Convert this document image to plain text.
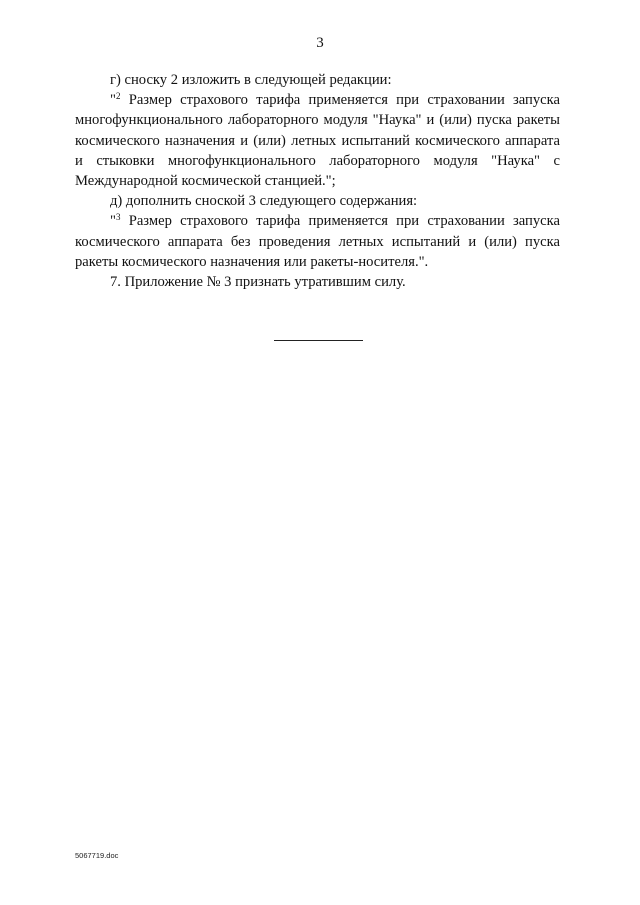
3

г) сноску 2 изложить в следующей редакции:

"$^2$ Размер страхового тарифа применяется при страховании запуска многофункционального лабораторного модуля "Наука" и (или) пуска ракеты космического назначения и (или) летных испытаний космического аппарата и стыковки многофункционального лабораторного модуля "Наука" с Международной космической станцией.";

д) дополнить сноской 3 следующего содержания:

"$^3$ Размер страхового тарифа применяется при страховании запуска космического аппарата без проведения летных испытаний и (или) пуска ракеты космического назначения или ракеты-носителя.".

7. Приложение № 3 признать утратившим силу.

5067719.doc
